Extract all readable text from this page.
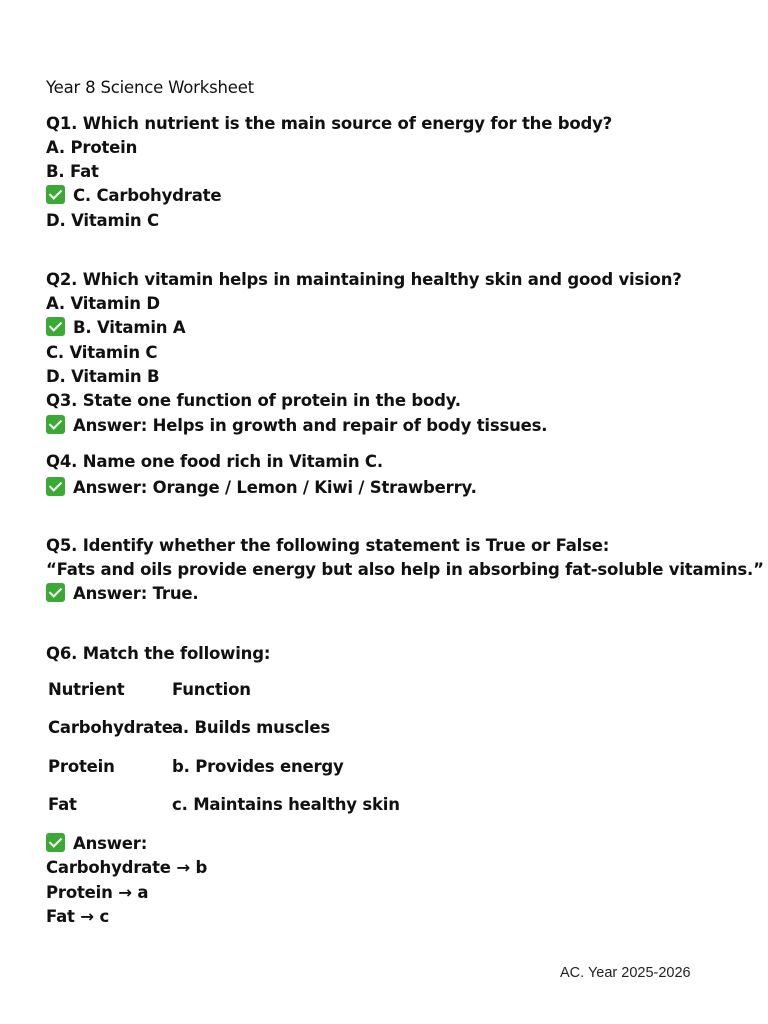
Year 8 Science Worksheet
Q1. Which nutrient is the main source of energy for the body?
A. Protein
B. Fat
C. Carbohydrate
D. Vitamin C
Q2. Which vitamin helps in maintaining healthy skin and good vision?
A. Vitamin D
B. Vitamin A
C. Vitamin C
D. Vitamin B
Q3. State one function of protein in the body.
Answer: Helps in growth and repair of body tissues.
Q4. Name one food rich in Vitamin C.
Answer: Orange / Lemon / Kiwi / Strawberry.
Q5. Identify whether the following statement is True or False:
“Fats and oils provide energy but also help in absorbing fat-soluble vitamins.”
Answer: True.
Q6. Match the following:
Nutrient	Function
Carbohydrate a. Builds muscles
Protein	b. Provides energy
Fat	c. Maintains healthy skin
Answer:
Carbohydrate → b
Protein → a
Fat → c
AC. Year 2025-2026
